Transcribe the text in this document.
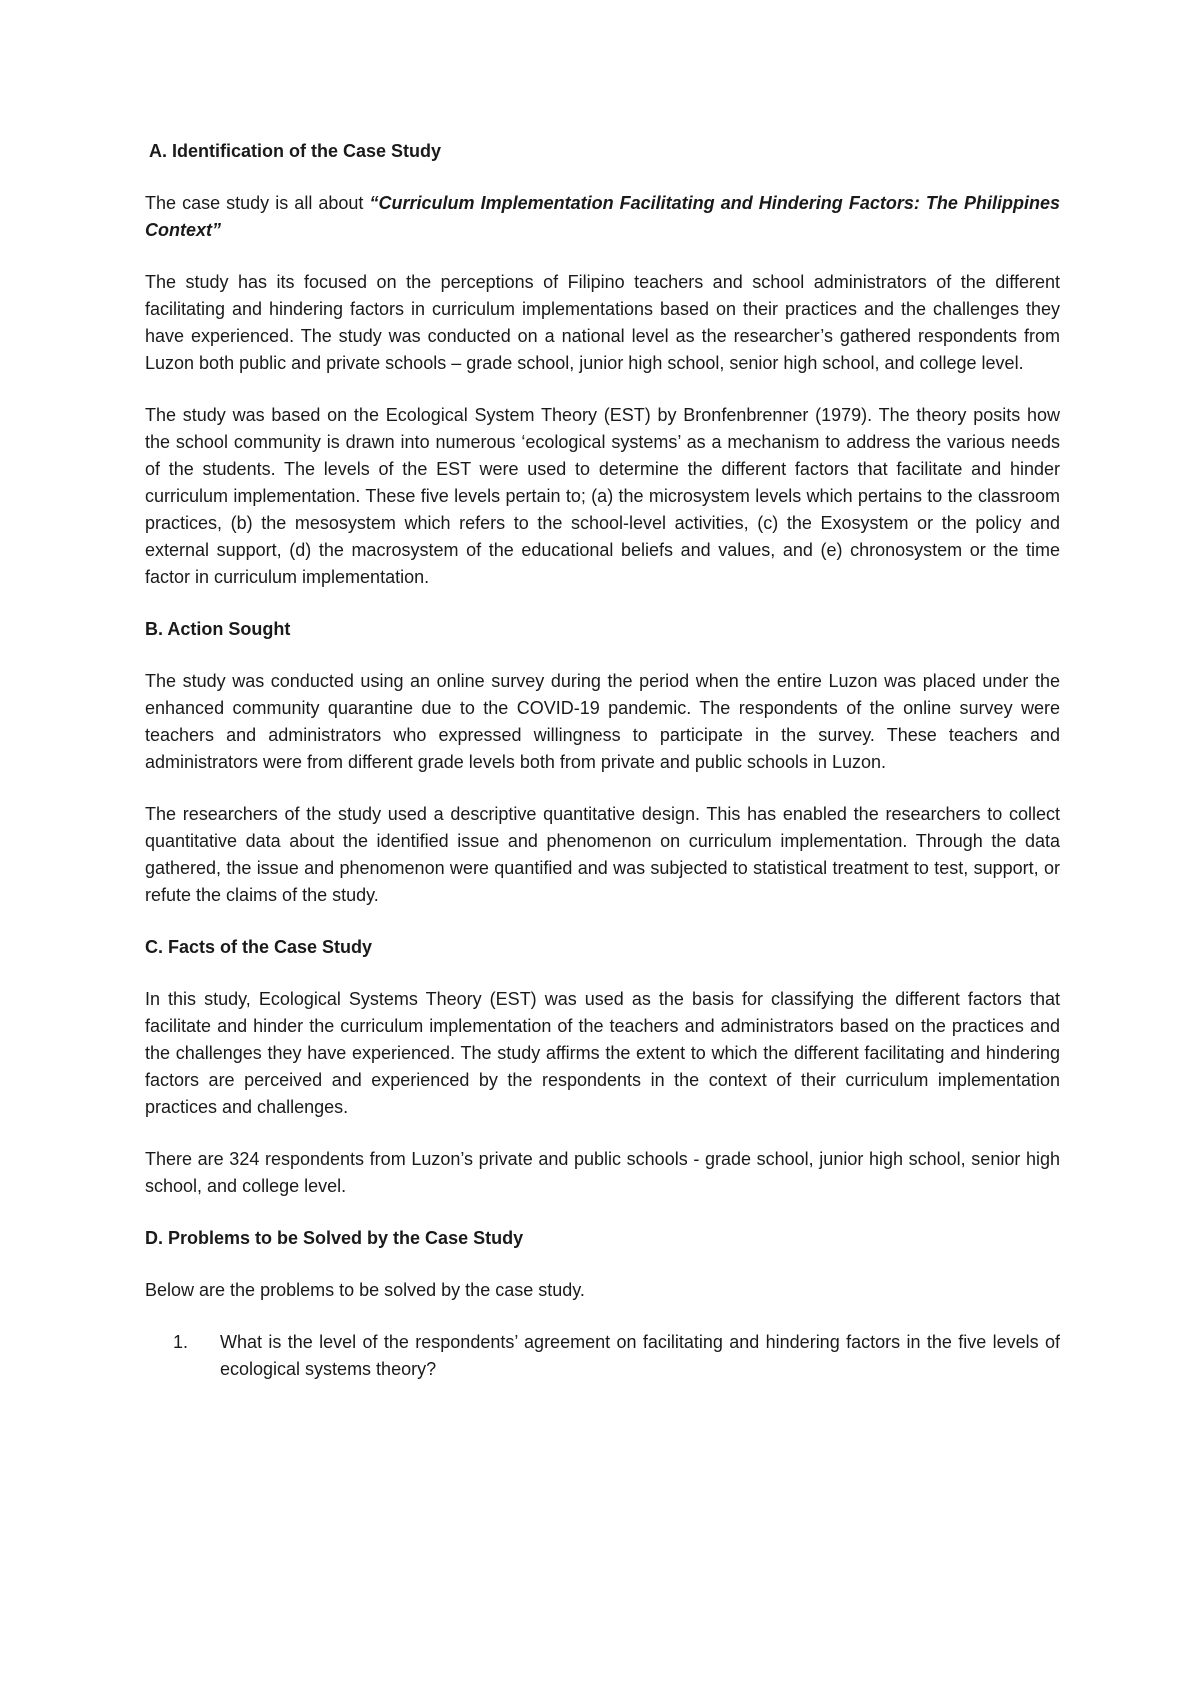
A. Identification of the Case Study
The case study is all about “Curriculum Implementation Facilitating and Hindering Factors: The Philippines Context”
The study has its focused on the perceptions of Filipino teachers and school administrators of the different facilitating and hindering factors in curriculum implementations based on their practices and the challenges they have experienced. The study was conducted on a national level as the researcher’s gathered respondents from Luzon both public and private schools – grade school, junior high school, senior high school, and college level.
The study was based on the Ecological System Theory (EST) by Bronfenbrenner (1979). The theory posits how the school community is drawn into numerous ‘ecological systems’ as a mechanism to address the various needs of the students. The levels of the EST were used to determine the different factors that facilitate and hinder curriculum implementation. These five levels pertain to; (a) the microsystem levels which pertains to the classroom practices, (b) the mesosystem which refers to the school-level activities, (c) the Exosystem or the policy and external support, (d) the macrosystem of the educational beliefs and values, and (e) chronosystem or the time factor in curriculum implementation.
B. Action Sought
The study was conducted using an online survey during the period when the entire Luzon was placed under the enhanced community quarantine due to the COVID-19 pandemic. The respondents of the online survey were teachers and administrators who expressed willingness to participate in the survey. These teachers and administrators were from different grade levels both from private and public schools in Luzon.
The researchers of the study used a descriptive quantitative design. This has enabled the researchers to collect quantitative data about the identified issue and phenomenon on curriculum implementation. Through the data gathered, the issue and phenomenon were quantified and was subjected to statistical treatment to test, support, or refute the claims of the study.
C. Facts of the Case Study
In this study, Ecological Systems Theory (EST) was used as the basis for classifying the different factors that facilitate and hinder the curriculum implementation of the teachers and administrators based on the practices and the challenges they have experienced. The study affirms the extent to which the different facilitating and hindering factors are perceived and experienced by the respondents in the context of their curriculum implementation practices and challenges.
There are 324 respondents from Luzon’s private and public schools - grade school, junior high school, senior high school, and college level.
D. Problems to be Solved by the Case Study
Below are the problems to be solved by the case study.
1.	What is the level of the respondents’ agreement on facilitating and hindering factors in the five levels of ecological systems theory?
